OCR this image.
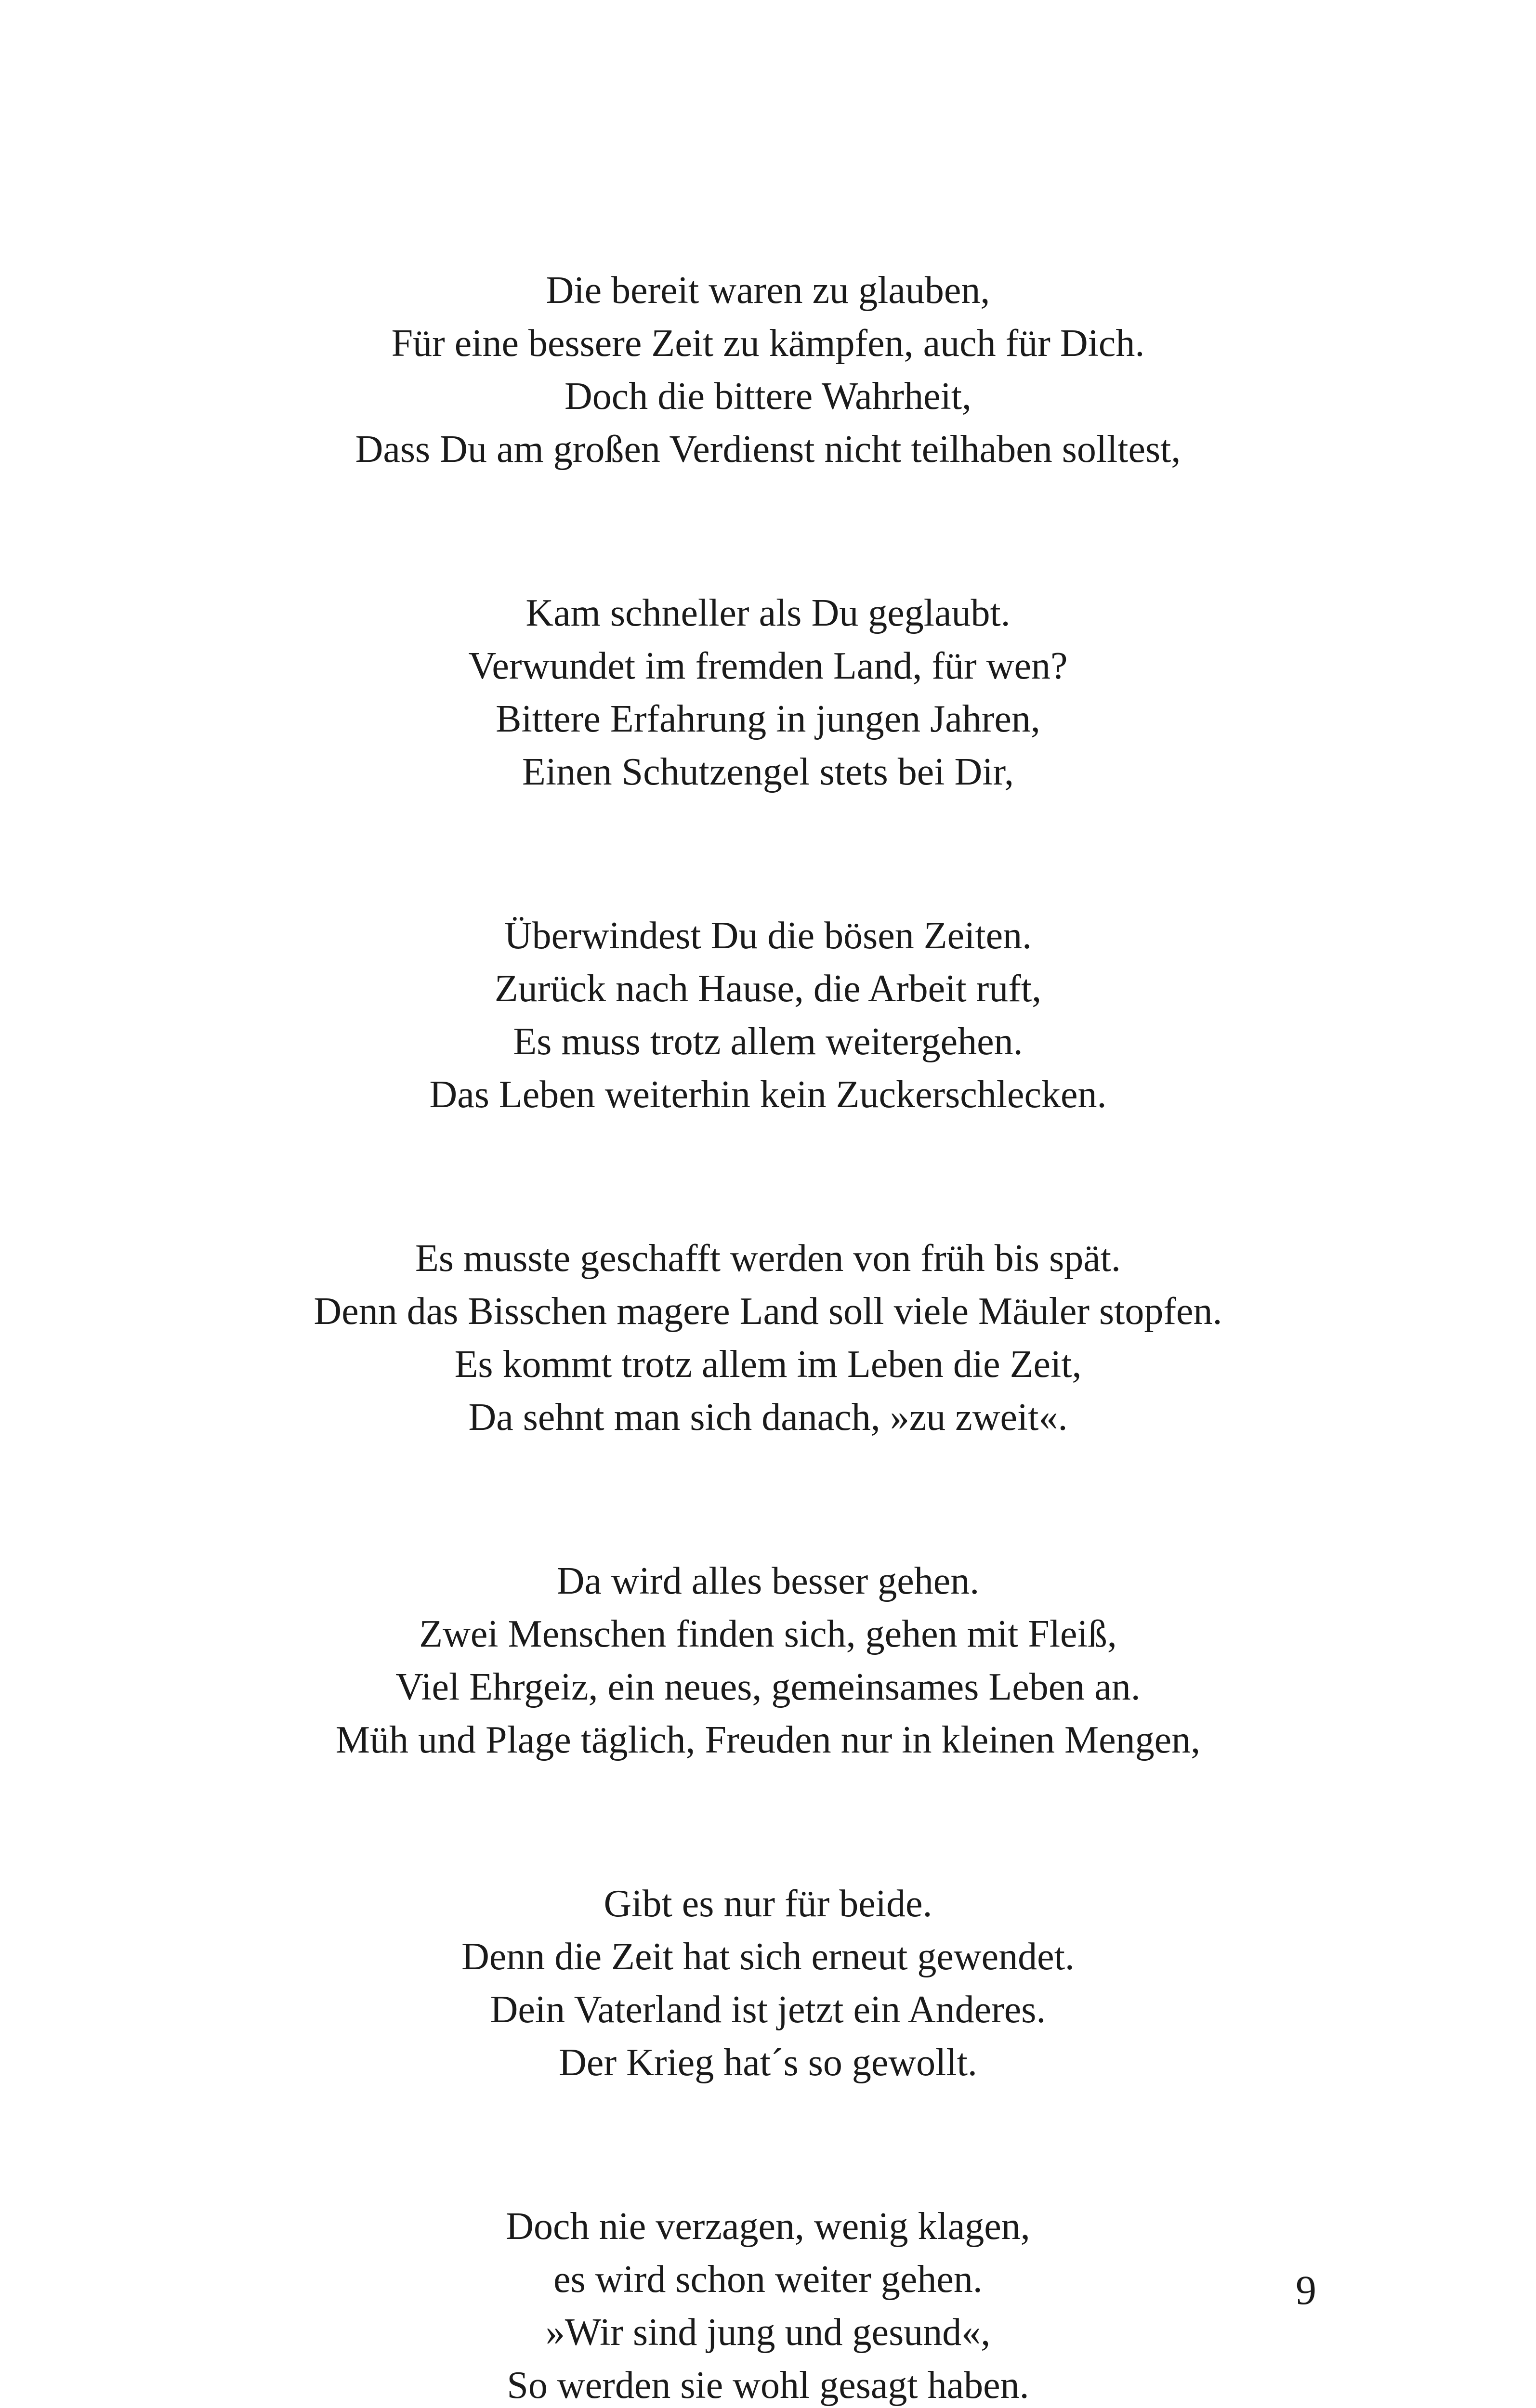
Die bereit waren zu glauben,
Für eine bessere Zeit zu kämpfen, auch für Dich.
Doch die bittere Wahrheit,
Dass Du am großen Verdienst nicht teilhaben solltest,
Kam schneller als Du geglaubt.
Verwundet im fremden Land, für wen?
Bittere Erfahrung in jungen Jahren,
Einen Schutzengel stets bei Dir,
Überwindest Du die bösen Zeiten.
Zurück nach Hause, die Arbeit ruft,
Es muss trotz allem weitergehen.
Das Leben weiterhin kein Zuckerschlecken.
Es musste geschafft werden von früh bis spät.
Denn das Bisschen magere Land soll viele Mäuler stopfen.
Es kommt trotz allem im Leben die Zeit,
Da sehnt man sich danach, »zu zweit«.
Da wird alles besser gehen.
Zwei Menschen finden sich, gehen mit Fleiß,
Viel Ehrgeiz, ein neues, gemeinsames Leben an.
Müh und Plage täglich, Freuden nur in kleinen Mengen,
Gibt es nur für beide.
Denn die Zeit hat sich erneut gewendet.
Dein Vaterland ist jetzt ein Anderes.
Der Krieg hat´s so gewollt.
Doch nie verzagen, wenig klagen,
es wird schon weiter gehen.
»Wir sind jung und gesund«,
So werden sie wohl gesagt haben.
9
